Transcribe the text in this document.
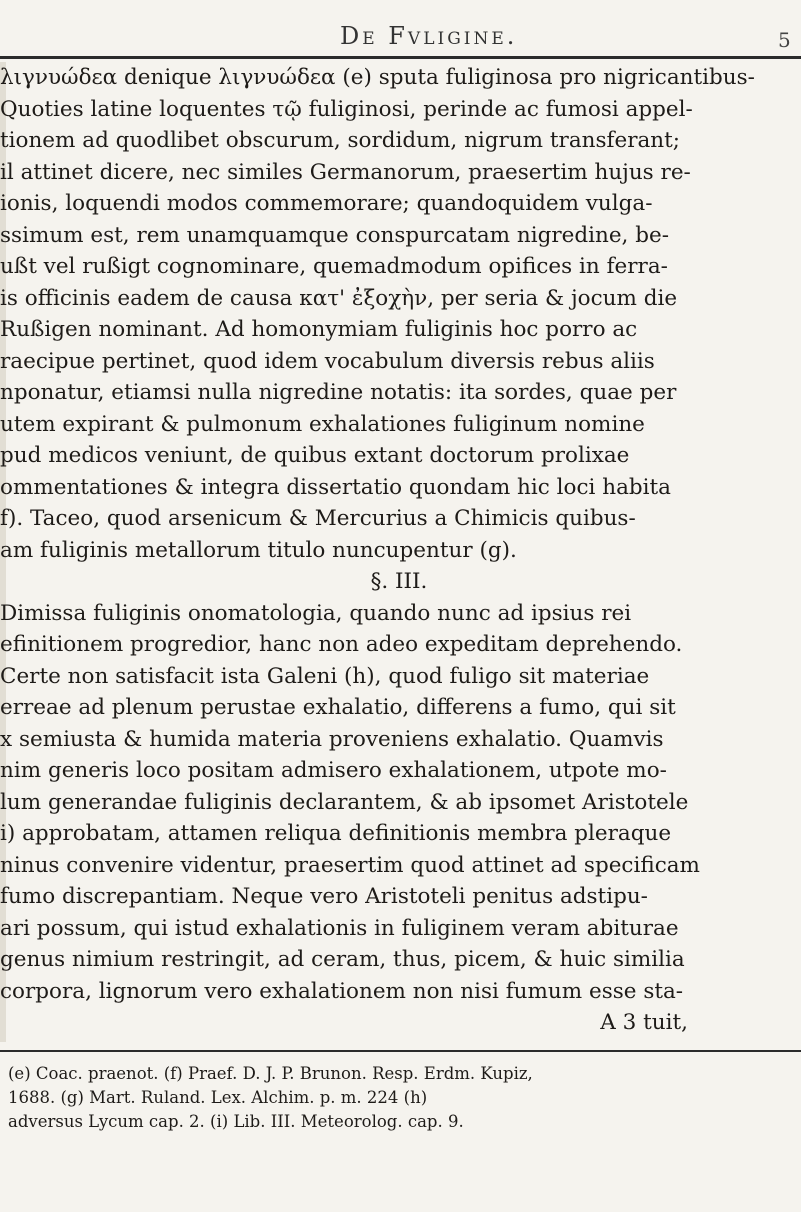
De Fvligine.	5
λιγνυώδεα denique λιγνυώδεα (e) sputa fuliginosa pro nigricantibus-
Quoties latine loquentes τῷ fuliginosi, perinde ac fumosi appel-
tionem ad quodlibet obscurum, sordidum, nigrum transferant;
il attinet dicere, nec similes Germanorum, praesertim hujus re-
ionis, loquendi modos commemorare; quandoquidem vulga-
ssimum est, rem unamquamque conspurcatam nigredine, be-
ußt vel rußigt cognominare, quemadmodum opifices in ferra-
is officinis eadem de causa κατ' ἐξοχὴν, per seria & jocum die
Rußigen nominant. Ad homonymiam fuliginis hoc porro ac
raecipue pertinet, quod idem vocabulum diversis rebus aliis
nponatur, etiamsi nulla nigredine notatis: ita sordes, quae per
utem expirant & pulmonum exhalationes fuliginum nomine
pud medicos veniunt, de quibus extant doctorum prolixae
ommentationes & integra dissertatio quondam hic loci habita
f). Taceo, quod arsenicum & Mercurius a Chimicis quibus-
am fuliginis metallorum titulo nuncupentur (g).
§. III.
Dimissa fuliginis onomatologia, quando nunc ad ipsius rei
efinitionem progredior, hanc non adeo expeditam deprehendo.
Certe non satisfacit ista Galeni (h), quod fuligo sit materiae
erreae ad plenum perustae exhalatio, differens a fumo, qui sit
x semiusta & humida materia proveniens exhalatio. Quamvis
nim generis loco positam admisero exhalationem, utpote mo-
lum generandae fuliginis declarantem, & ab ipsomet Aristotele
i) approbatam, attamen reliqua definitionis membra pleraque
ninus convenire videntur, praesertim quod attinet ad specificam
fumo discrepantiam. Neque vero Aristoteli penitus adstipu-
ari possum, qui istud exhalationis in fuliginem veram abiturae
genus nimium restringit, ad ceram, thus, picem, & huic similia
corpora, lignorum vero exhalationem non nisi fumum esse sta-
A 3 tuit,
(e) Coac. praenot. (f) Praef. D. J. P. Brunon. Resp. Erdm. Kupiz,
1688. (g) Mart. Ruland. Lex. Alchim. p. m. 224 (h)
adversus Lycum cap. 2. (i) Lib. III. Meteorolog. cap. 9.
